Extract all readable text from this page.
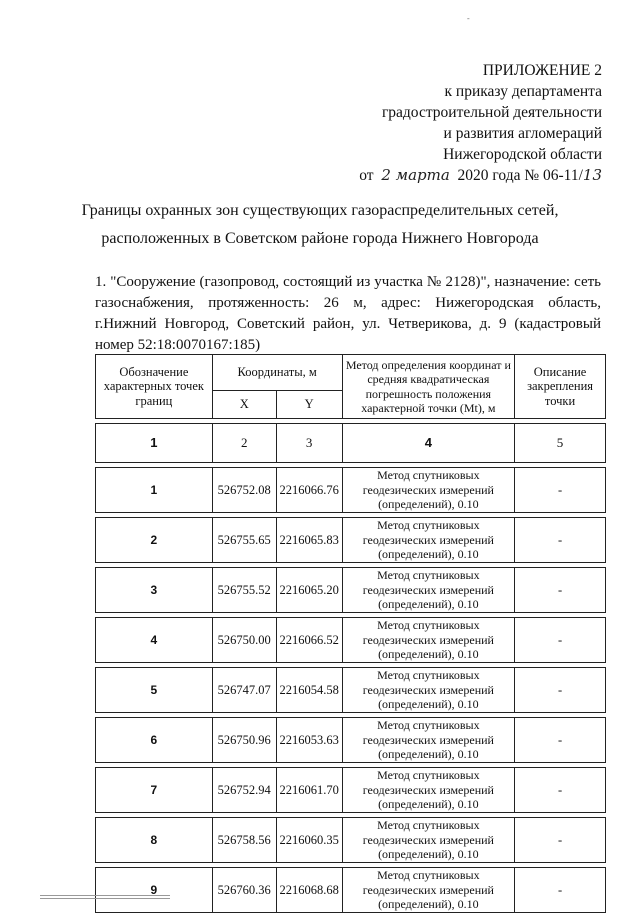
-
ПРИЛОЖЕНИЕ 2
к приказу департамента
градостроительной деятельности
и развития агломераций
Нижегородской области
от 2 марта 2020 года № 06-11/13
Границы охранных зон существующих газораспределительных сетей,
расположенных в Советском районе города Нижнего Новгорода
1. "Сооружение (газопровод, состоящий из участка № 2128)", назначение: сеть газоснабжения, протяженность: 26 м, адрес: Нижегородская область, г.Нижний Новгород, Советский район, ул. Четверикова, д. 9 (кадастровый номер 52:18:0070167:185)
Обозначение характерных точек границ	Координаты, м		Метод определения координат и средняя квадратическая погрешность положения характерной точки (Mt), м	Описание закрепления точки
	X	Y		

1	2	3	4	5

1	526752.08	2216066.76	Метод спутниковых
геодезических измерений
(определений), 0.10	-

2	526755.65	2216065.83	Метод спутниковых
геодезических измерений
(определений), 0.10	-

3	526755.52	2216065.20	Метод спутниковых
геодезических измерений
(определений), 0.10	-

4	526750.00	2216066.52	Метод спутниковых
геодезических измерений
(определений), 0.10	-

5	526747.07	2216054.58	Метод спутниковых
геодезических измерений
(определений), 0.10	-

6	526750.96	2216053.63	Метод спутниковых
геодезических измерений
(определений), 0.10	-

7	526752.94	2216061.70	Метод спутниковых
геодезических измерений
(определений), 0.10	-

8	526758.56	2216060.35	Метод спутниковых
геодезических измерений
(определений), 0.10	-

9	526760.36	2216068.68	Метод спутниковых
геодезических измерений
(определений), 0.10	-
